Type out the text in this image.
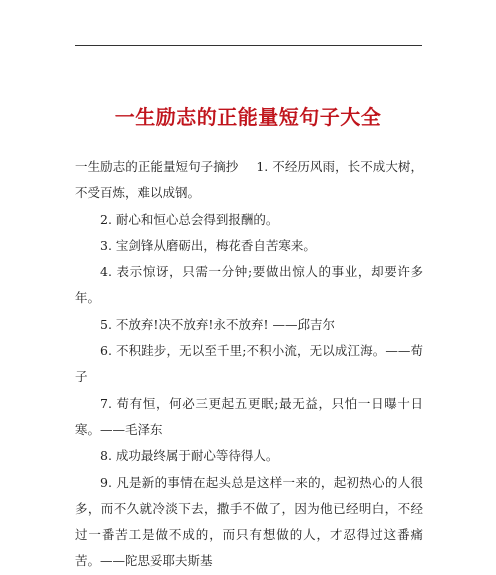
一生励志的正能量短句子大全

一生励志的正能量短句子摘抄 1. 不经历风雨，长不成大树，不受百炼，难以成钢。

2. 耐心和恒心总会得到报酬的。

3. 宝剑锋从磨砺出，梅花香自苦寒来。

4. 表示惊讶，只需一分钟;要做出惊人的事业，却要许多年。

5. 不放弃!决不放弃!永不放弃! ——邱吉尔

6. 不积跬步，无以至千里;不积小流，无以成江海。——荀子

7. 荀有恒，何必三更起五更眠;最无益，只怕一日曝十日寒。——毛泽东

8. 成功最终属于耐心等待得人。

9. 凡是新的事情在起头总是这样一来的，起初热心的人很多，而不久就冷淡下去，撒手不做了，因为他已经明白，不经过一番苦工是做不成的，而只有想做的人，才忍得过这番痛苦。——陀思妥耶夫斯基
